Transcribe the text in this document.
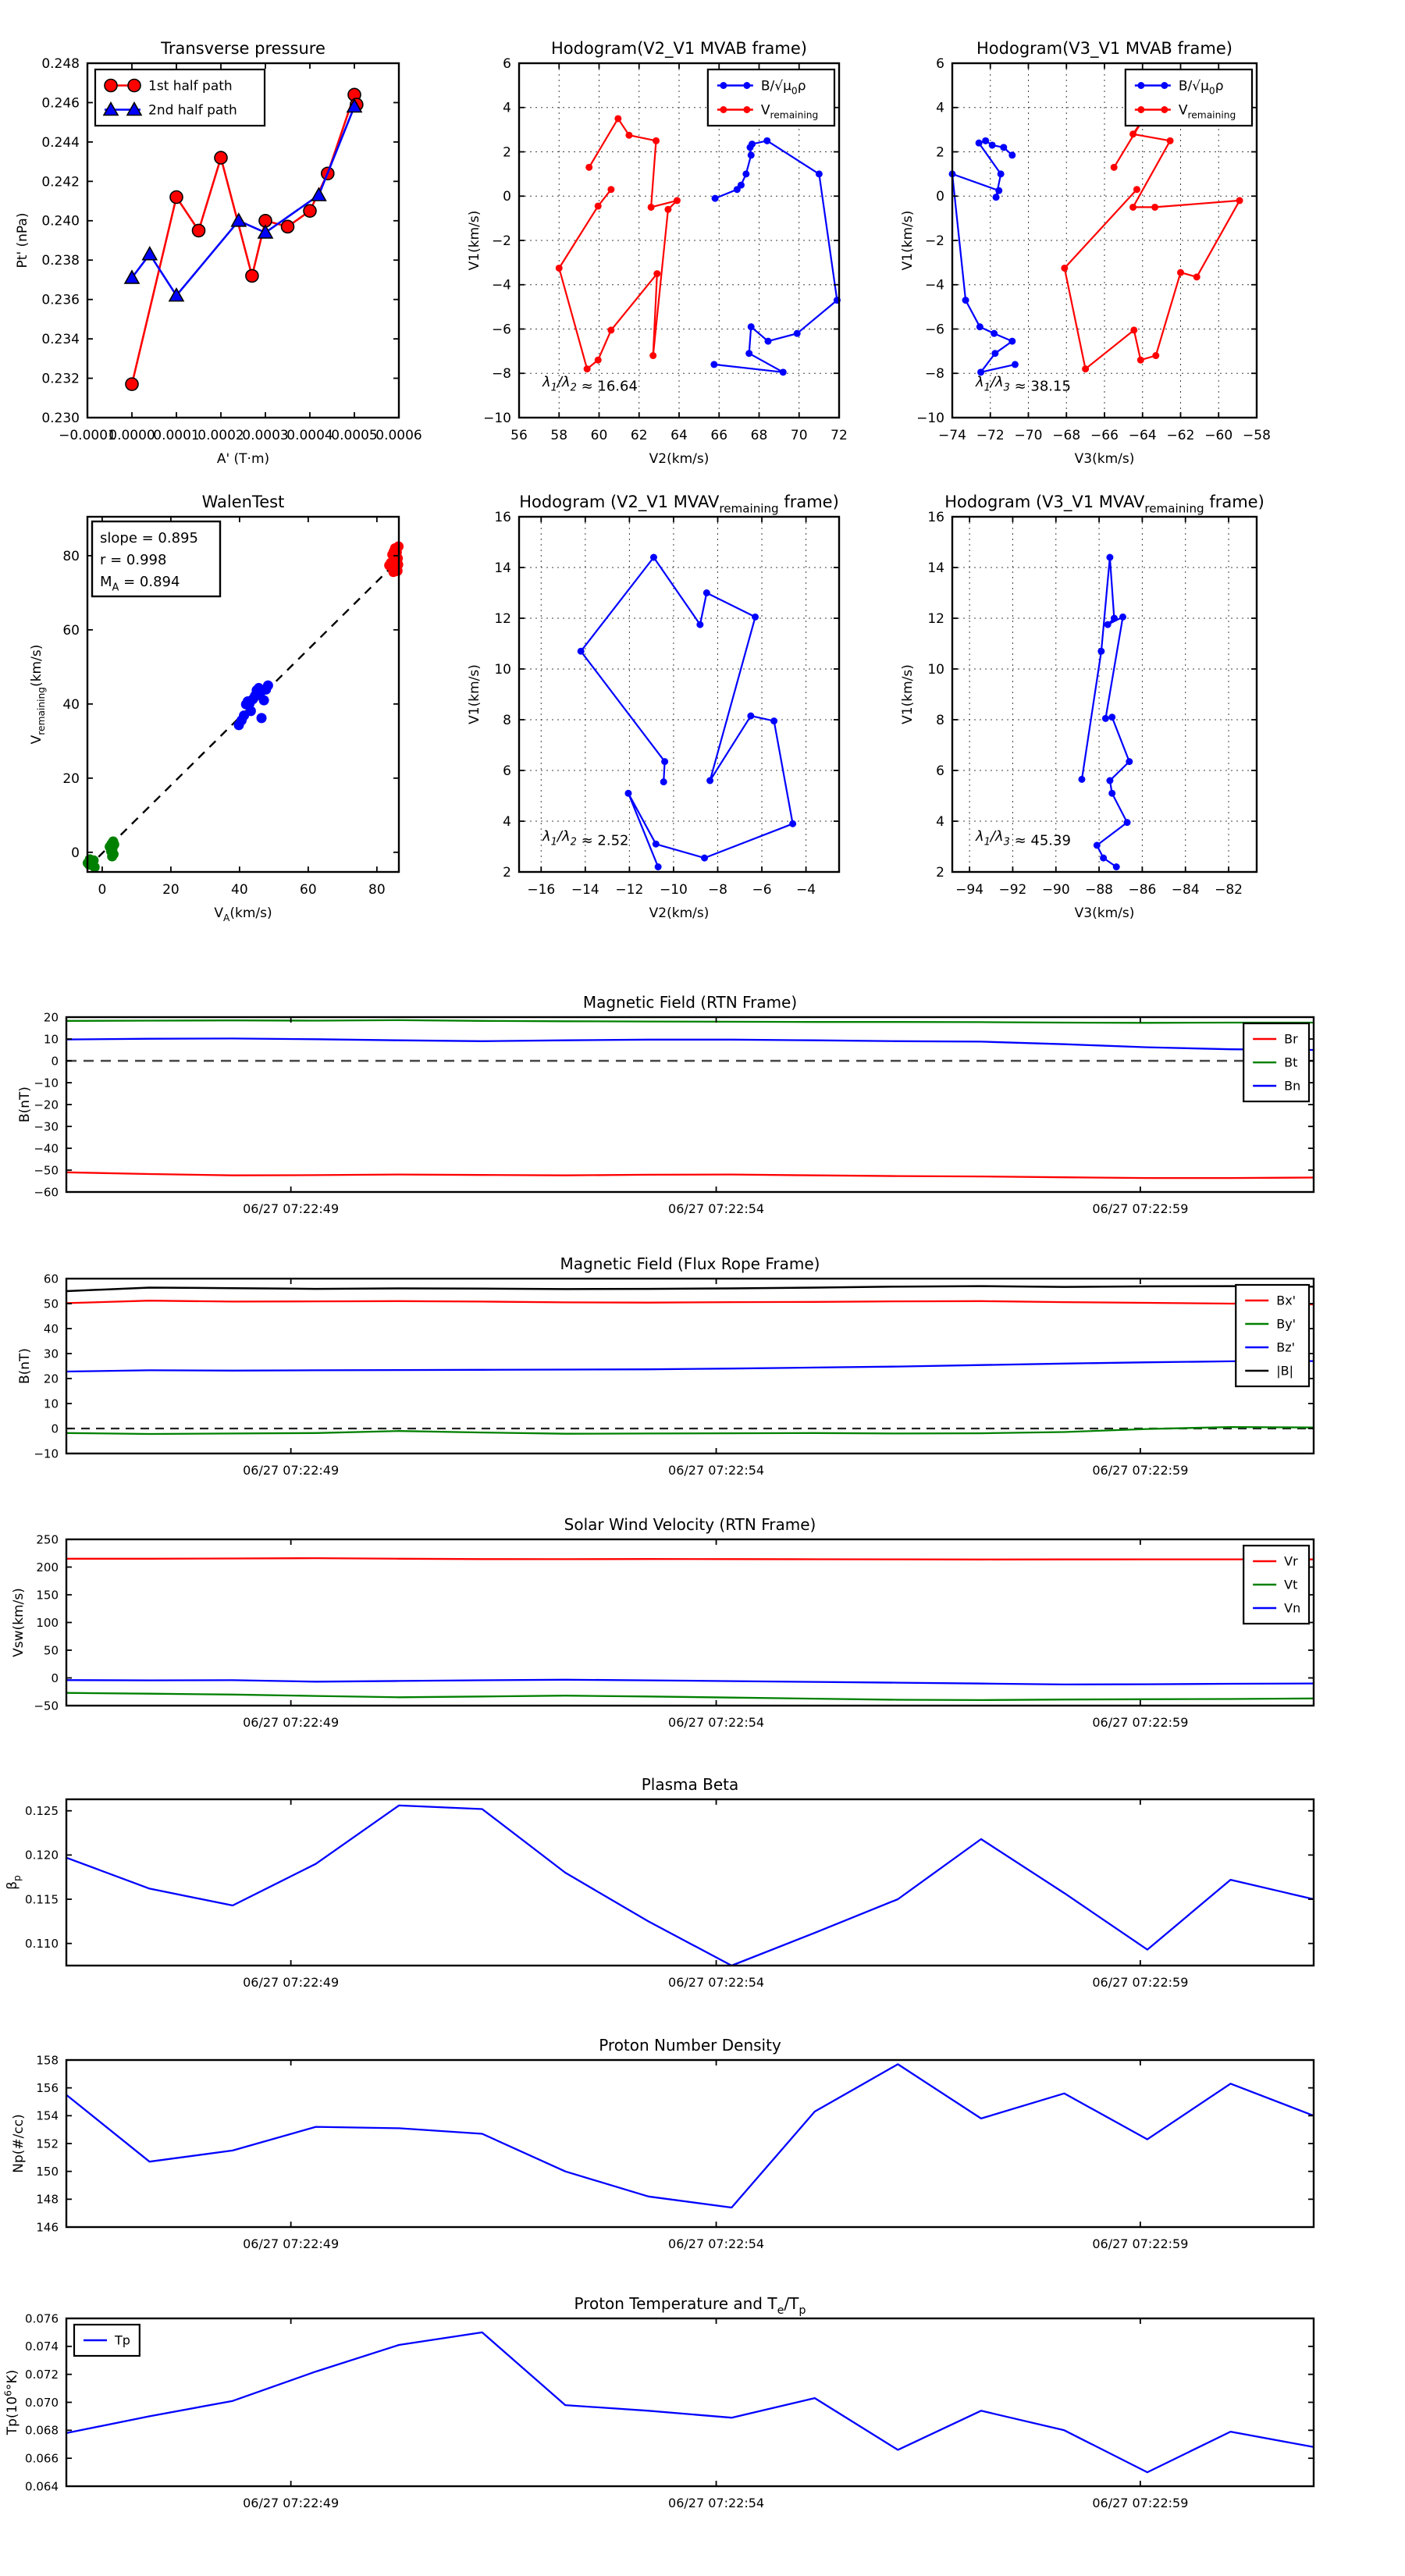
−0.0001
0.0000
0.0001
0.0002
0.0003
0.0004
0.0005
0.0006
0.230
0.232
0.234
0.236
0.238
0.240
0.242
0.244
0.246
0.248
Transverse pressure
A' (T·m)
Pt' (nPa)
1st half path
2nd half path
56 58 60 62 64 66 68 70 72
−10
−8
−6
−4
−2
0
2
4
6
Hodogram(V2_V1 MVAB frame)
V2(km/s)
V1(km/s)
$B/√\mu_0\rho$
$V_{remaining}$
$\lambda_1/\lambda_2 \approx 16.64$
−74 −72 −70 −68 −66 −64 −62 −60 −58
−10
−8
−6
−4
−2
0
2
4
6
Hodogram(V3_V1 MVAB frame)
V3(km/s)
V1(km/s)
$B/√\mu_0\rho$
$V_{remaining}$
$\lambda_1/\lambda_3 \approx 38.15$
0	20	40	60	80
0
20
40
60
80
WalenTest
$V_A(km/s)$
$V_{remaining}(km/s)$
slope = 0.895
r = 0.998
$M_A = 0.894$
−16 −14 −12 −10 −8 −6 −4
2
4
6
8
10
12
14
16
Hodogram (V2_V1 $MVAV_{remaining}$ frame)
V2(km/s)
V1(km/s)
$\lambda_1/\lambda_2 \approx 2.52$
−94 −92 −90 −88 −86 −84 −82
2
4
6
8
10
12
14
16
Hodogram (V3_V1 $MVAV_{remaining}$ frame)
V3(km/s)
V1(km/s)
$\lambda_1/\lambda_3 \approx 45.39$
06/27 07:22:49	06/27 07:22:54	06/27 07:22:59
−60
−50
−40
−30
−20
−10
0
10
20
Magnetic Field (RTN Frame)
B(nT)
Br
Bt
Bn
06/27 07:22:49	06/27 07:22:54	06/27 07:22:59
−10
0
10
20
30
40
50
60
Magnetic Field (Flux Rope Frame)
B(nT)
Bx'
By'
Bz'
|B|
06/27 07:22:49	06/27 07:22:54	06/27 07:22:59
−50
0
50
100
150
200
250
Solar Wind Velocity (RTN Frame)
Vsw(km/s)
Vr
Vt
Vn
06/27 07:22:49	06/27 07:22:54	06/27 07:22:59
0.110
0.115
0.120
0.125
Plasma Beta
$\beta_p$
06/27 07:22:49	06/27 07:22:54	06/27 07:22:59
146
148
150
152
154
156
158
Proton Number Density
Np(#/cc)
06/27 07:22:49	06/27 07:22:54	06/27 07:22:59
0.064
0.066
0.068
0.070
0.072
0.074
0.076
Proton Temperature and $T_e/T_p$
$Tp(10^6^\circ K)$
Tp
